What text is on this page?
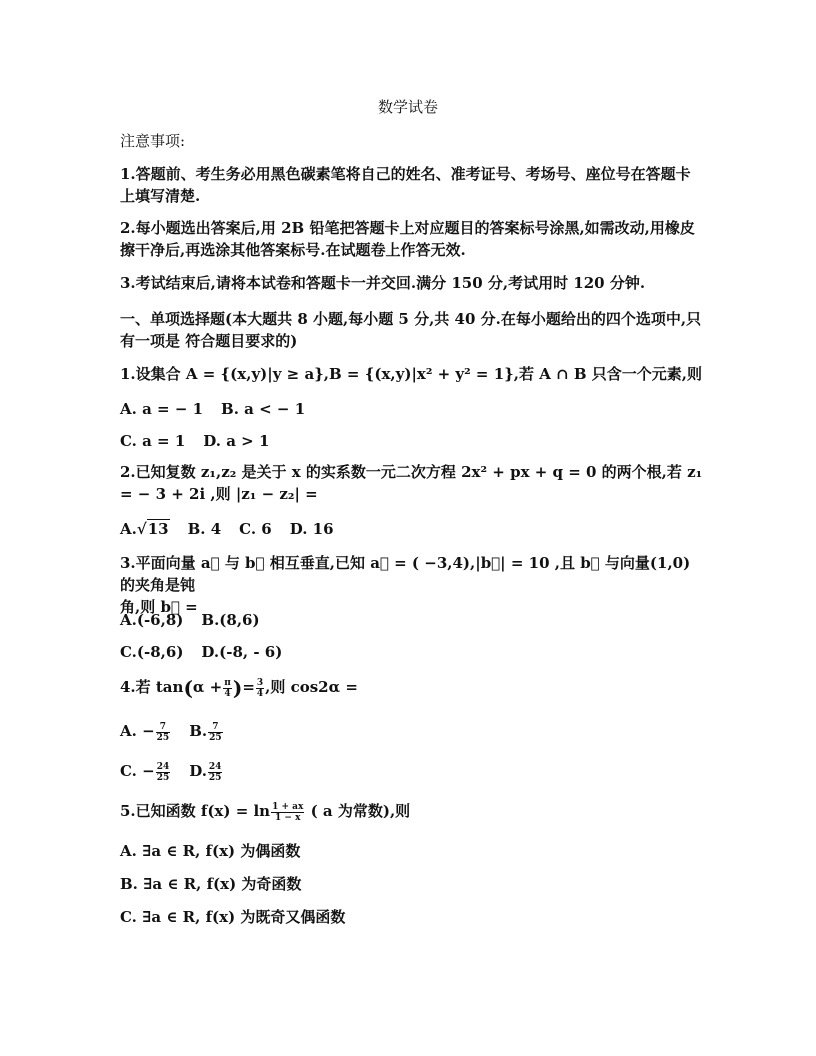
数学试卷
注意事项:
1.答题前、考生务必用黑色碳素笔将自己的姓名、准考证号、考场号、座位号在答题卡上填写清楚.
2.每小题选出答案后,用 2B 铅笔把答题卡上对应题目的答案标号涂黑,如需改动,用橡皮擦干净后,再选涂其他答案标号.在试题卷上作答无效.
3.考试结束后,请将本试卷和答题卡一并交回.满分 150 分,考试用时 120 分钟.
一、单项选择题(本大题共 8 小题,每小题 5 分,共 40 分.在每小题给出的四个选项中,只有一项是 符合题目要求的)
1.设集合 A = {(x,y)|y ≥ a},B = {(x,y)|x² + y² = 1},若 A ∩ B 只含一个元素,则
A. a = − 1 B. a < − 1
C. a = 1 D. a > 1
2.已知复数 z₁,z₂ 是关于 x 的实系数一元二次方程 2x² + px + q = 0 的两个根,若 z₁
= − 3 + 2i ,则 |z₁ − z₂| =
A.√13 B. 4 C. 6 D. 16
3.平面向量 a⃗ 与 b⃗ 相互垂直,已知 a⃗ = ( −3,4),|b⃗| = 10 ,且 b⃗ 与向量(1,0)的夹角是钝
角,则 b⃗ =
A.(-6,8) B.(8,6)
C.(-8,6) D.(-8, - 6)
4.若 $\tan(\alpha + \frac{\pi}{4}$ )= $\frac{3}{4}$ ,则 cos2α =
A. − $\frac{7}{25} B$. $\frac{7}{25}$
C. − $\frac{24}{25} D$. $\frac{24}{25}$
5.已知函数 $f(x) = \ln \frac{1 + ax}{1 - x}$ ( a 为常数),则
A. ∃a ∈ R, f(x) 为偶函数
B. ∃a ∈ R, f(x) 为奇函数
C. ∃a ∈ R, f(x) 为既奇又偶函数
